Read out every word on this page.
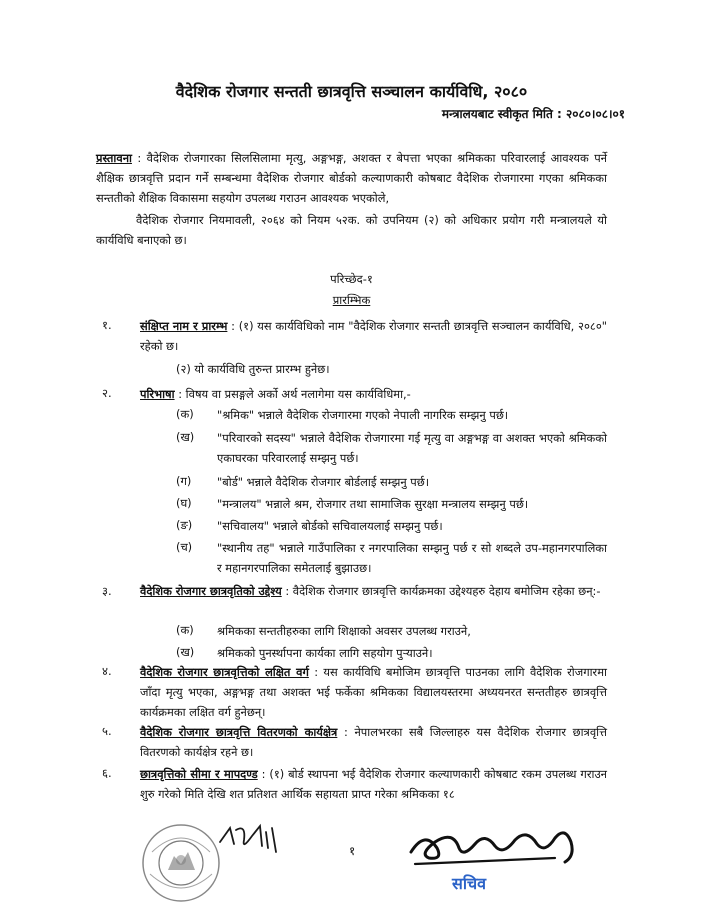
वैदेशिक रोजगार सन्तती छात्रवृत्ति सञ्चालन कार्यविधि, २०८०
मन्त्रालयबाट स्वीकृत मिति : २०८०।०८।०१
प्रस्तावना : वैदेशिक रोजगारका सिलसिलामा मृत्यु, अङ्गभङ्ग, अशक्त र बेपत्ता भएका श्रमिकका परिवारलाई आवश्यक पर्ने शैक्षिक छात्रवृत्ति प्रदान गर्ने सम्बन्धमा वैदेशिक रोजगार बोर्डको कल्याणकारी कोषबाट वैदेशिक रोजगारमा गएका श्रमिकका सन्ततीको शैक्षिक विकासमा सहयोग उपलब्ध गराउन आवश्यक भएकोले,
वैदेशिक रोजगार नियमावली, २०६४ को नियम ५२क. को उपनियम (२) को अधिकार प्रयोग गरी मन्त्रालयले यो कार्यविधि बनाएको छ।
परिच्छेद-१
प्रारम्भिक
१. संक्षिप्त नाम र प्रारम्भ : (१) यस कार्यविधिको नाम "वैदेशिक रोजगार सन्तती छात्रवृत्ति सञ्चालन कार्यविधि, २०८०" रहेको छ।
(२) यो कार्यविधि तुरुन्त प्रारम्भ हुनेछ।
२. परिभाषा : विषय वा प्रसङ्गले अर्को अर्थ नलागेमा यस कार्यविधिमा,-
(क) "श्रमिक" भन्नाले वैदेशिक रोजगारमा गएको नेपाली नागरिक सम्झनु पर्छ।
(ख) "परिवारको सदस्य" भन्नाले वैदेशिक रोजगारमा गई मृत्यु वा अङ्गभङ्ग वा अशक्त भएको श्रमिकको एकाघरका परिवारलाई सम्झनु पर्छ।
(ग) "बोर्ड" भन्नाले वैदेशिक रोजगार बोर्डलाई सम्झनु पर्छ।
(घ) "मन्त्रालय" भन्नाले श्रम, रोजगार तथा सामाजिक सुरक्षा मन्त्रालय सम्झनु पर्छ।
(ङ) "सचिवालय" भन्नाले बोर्डको सचिवालयलाई सम्झनु पर्छ।
(च) "स्थानीय तह" भन्नाले गाउँपालिका र नगरपालिका सम्झनु पर्छ र सो शब्दले उप-महानगरपालिका र महानगरपालिका समेतलाई बुझाउछ।
३. वैदेशिक रोजगार छात्रवृतिको उद्देश्य : वैदेशिक रोजगार छात्रवृत्ति कार्यक्रमका उद्देश्यहरु देहाय बमोजिम रहेका छन्:-
(क) श्रमिकका सन्ततीहरुका लागि शिक्षाको अवसर उपलब्ध गराउने,
(ख) श्रमिकको पुनर्स्थापना कार्यका लागि सहयोग पुऱ्याउने।
४. वैदेशिक रोजगार छात्रवृत्तिको लक्षित वर्ग : यस कार्यविधि बमोजिम छात्रवृत्ति पाउनका लागि वैदेशिक रोजगारमा जाँदा मृत्यु भएका, अङ्गभङ्ग तथा अशक्त भई फर्केका श्रमिकका विद्यालयस्तरमा अध्ययनरत सन्ततीहरु छात्रवृत्ति कार्यक्रमका लक्षित वर्ग हुनेछन्।
५. वैदेशिक रोजगार छात्रवृत्ति वितरणको कार्यक्षेत्र : नेपालभरका सबै जिल्लाहरु यस वैदेशिक रोजगार छात्रवृत्ति वितरणको कार्यक्षेत्र रहने छ।
६. छात्रवृत्तिको सीमा र मापदण्ड : (१) बोर्ड स्थापना भई वैदेशिक रोजगार कल्याणकारी कोषबाट रकम उपलब्ध गराउन शुरु गरेको मिति देखि शत प्रतिशत आर्थिक सहायता प्राप्त गरेका श्रमिकका १८
१
सचिव
